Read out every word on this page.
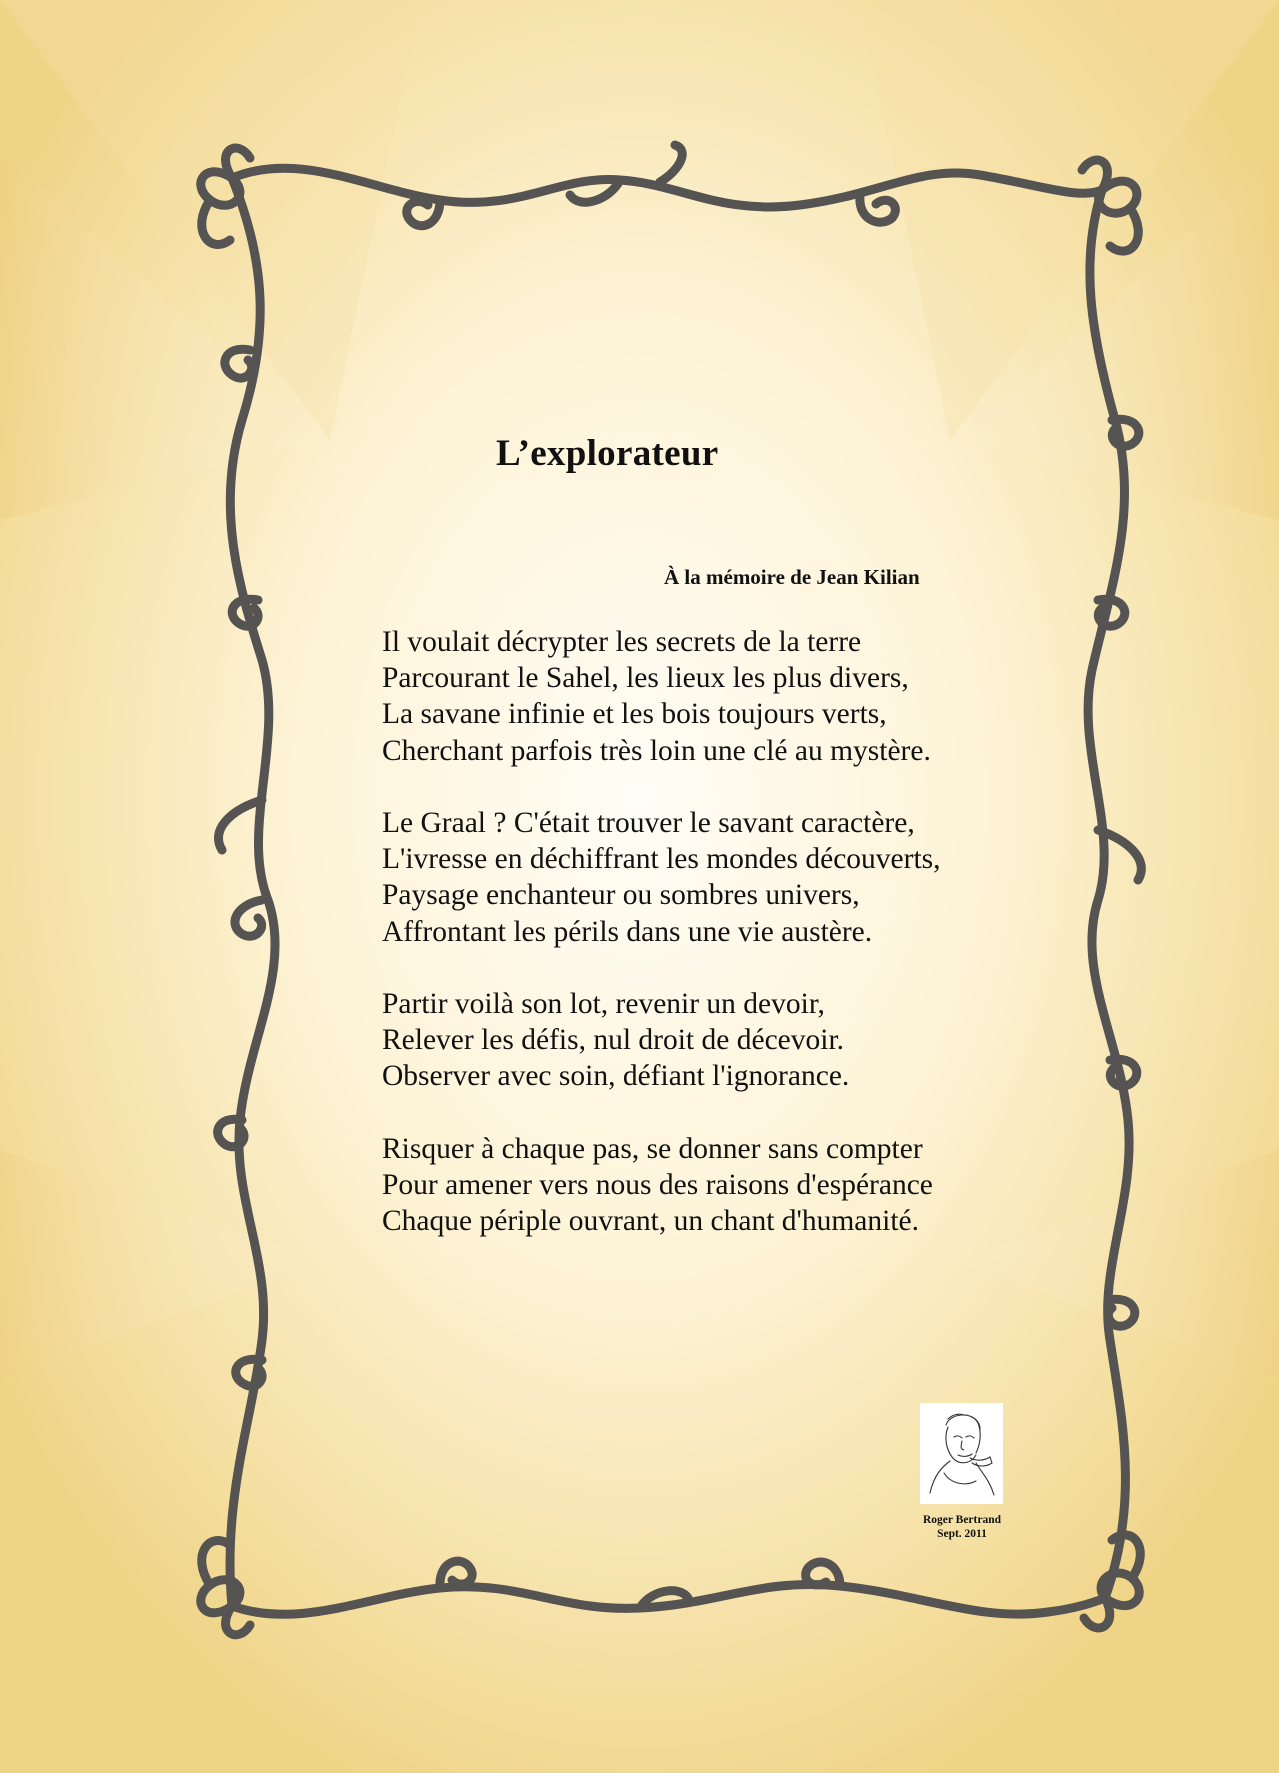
L’explorateur
À la mémoire de Jean Kilian
Il voulait décrypter les secrets de la terre
Parcourant le Sahel, les lieux les plus divers,
La savane infinie et les bois toujours verts,
Cherchant parfois très loin une clé au mystère.
Le Graal ? C'était trouver le savant caractère,
L'ivresse en déchiffrant les mondes découverts,
Paysage enchanteur ou sombres univers,
Affrontant les périls dans une vie austère.
Partir voilà son lot, revenir un devoir,
Relever les défis, nul droit de décevoir.
Observer avec soin, défiant l'ignorance.
Risquer à chaque pas, se donner sans compter
Pour amener vers nous des raisons d'espérance
Chaque périple ouvrant, un chant d'humanité.
Roger Bertrand
Sept. 2011
